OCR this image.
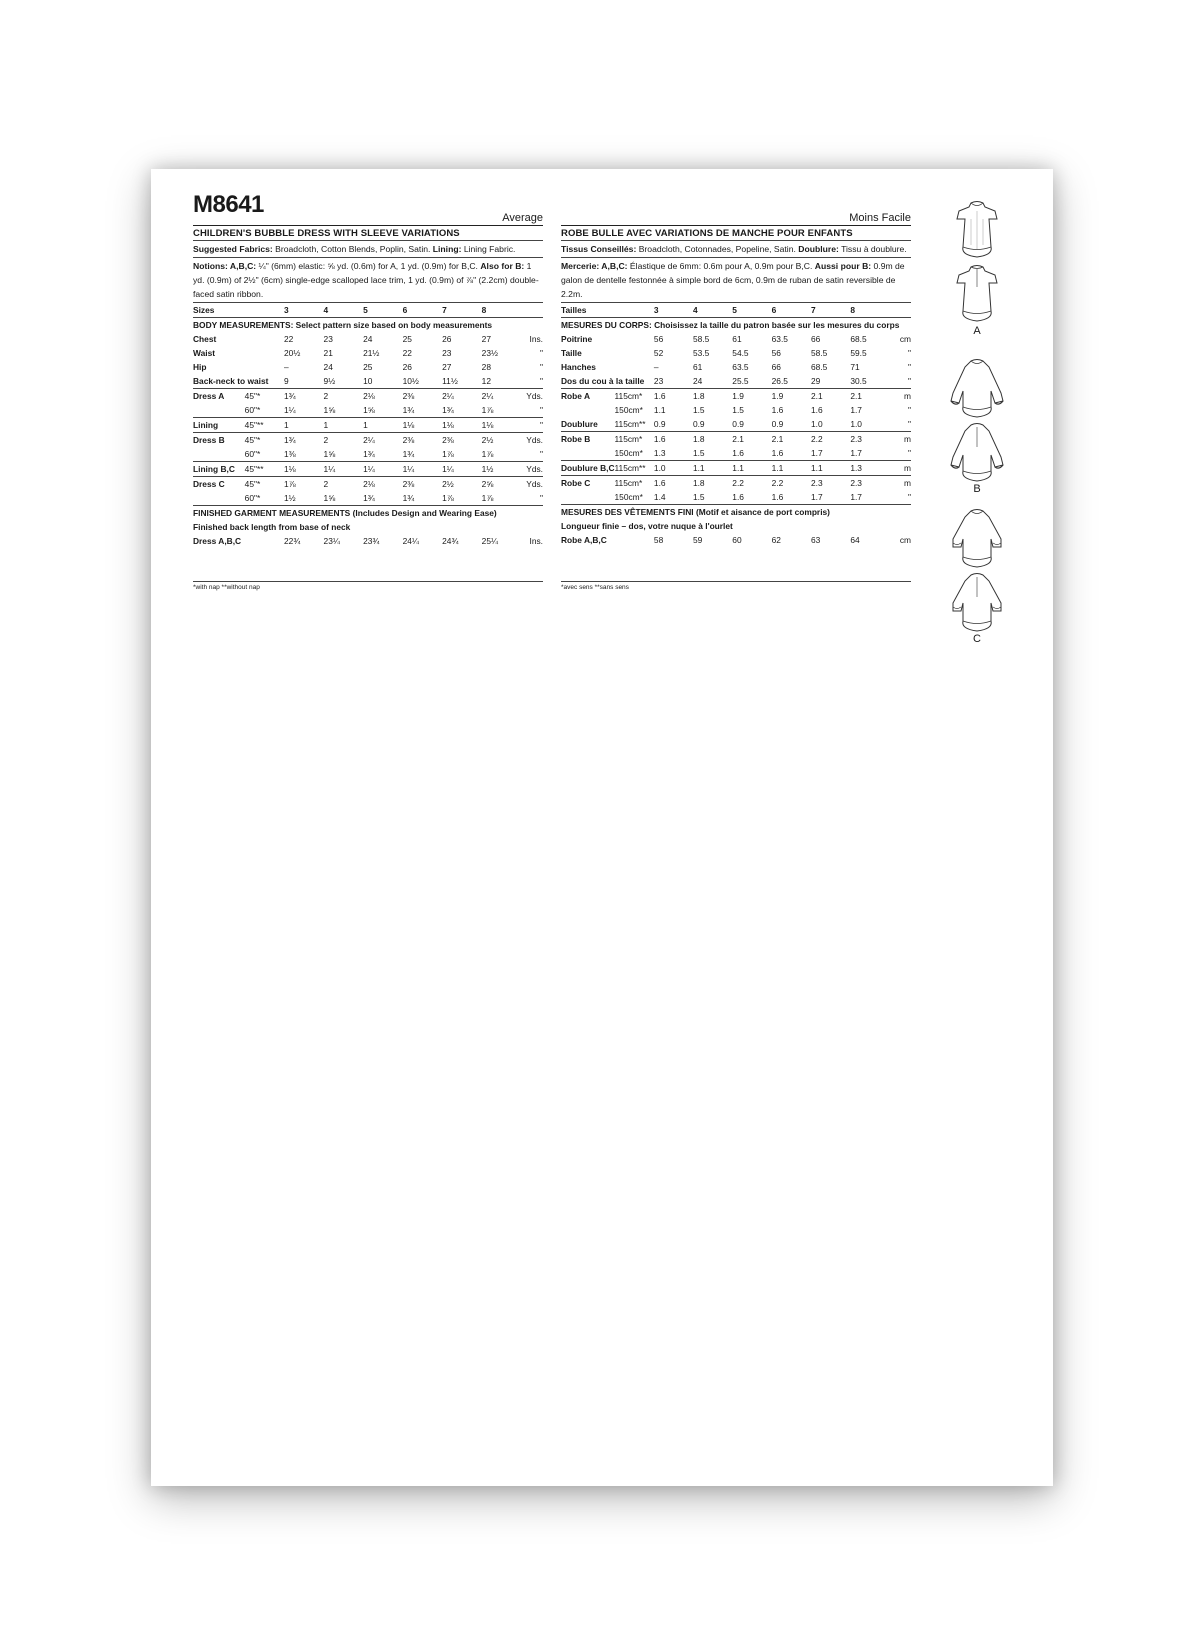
M8641	Average
CHILDREN'S BUBBLE DRESS WITH SLEEVE VARIATIONS
Suggested Fabrics: Broadcloth, Cotton Blends, Poplin, Satin. Lining: Lining Fabric.
Notions: A,B,C: ¼" (6mm) elastic: ⅝ yd. (0.6m) for A, 1 yd. (0.9m) for B,C. Also for B: 1 yd. (0.9m) of 2½" (6cm) single-edge scalloped lace trim, 1 yd. (0.9m) of ⅞" (2.2cm) double-faced satin ribbon.
Sizes		3	4	5	6	7	8	
BODY MEASUREMENTS: Select pattern size based on body measurements								
Chest		22	23	24	25	26	27	Ins.
Waist		20½	21	21½	22	23	23½	"
Hip		–	24	25	26	27	28	"
Back-neck to waist		9	9½	10	10½	11½	12	"
Dress A	45"*	1¾	2	2⅛	2⅜	2¼	2¼	Yds.
	60"*	1¼	1⅝	1⅝	1¾	1¾	1⅞	"
Lining	45"**	1	1	1	1⅛	1⅛	1⅛	"
Dress B	45"*	1¾	2	2¼	2⅜	2⅜	2½	Yds.
	60"*	1⅜	1⅝	1¾	1¾	1⅞	1⅞	"
Lining B,C	45"**	1⅛	1¼	1¼	1¼	1¼	1½	Yds.
Dress C	45"*	1⅞	2	2⅛	2⅜	2½	2⅝	Yds.
	60"*	1½	1⅝	1¾	1¾	1⅞	1⅞	"
FINISHED GARMENT MEASUREMENTS (Includes Design and Wearing Ease)								
Finished back length from base of neck								
Dress A,B,C		22¾	23¼	23¾	24¼	24¾	25¼	Ins.
Moins Facile
ROBE BULLE AVEC VARIATIONS DE MANCHE POUR ENFANTS
Tissus Conseillés: Broadcloth, Cotonnades, Popeline, Satin. Doublure: Tissu à doublure.
Mercerie: A,B,C: Élastique de 6mm: 0.6m pour A, 0.9m pour B,C. Aussi pour B: 0.9m de galon de dentelle festonnée à simple bord de 6cm, 0.9m de ruban de satin reversible de 2.2m.
Tailles		3	4	5	6	7	8	
MESURES DU CORPS: Choisissez la taille du patron basée sur les mesures du corps								
Poitrine		56	58.5	61	63.5	66	68.5	cm
Taille		52	53.5	54.5	56	58.5	59.5	"
Hanches		–	61	63.5	66	68.5	71	"
Dos du cou à la taille		23	24	25.5	26.5	29	30.5	"
Robe A	115cm*	1.6	1.8	1.9	1.9	2.1	2.1	m
	150cm*	1.1	1.5	1.5	1.6	1.6	1.7	"
Doublure	115cm**	0.9	0.9	0.9	0.9	1.0	1.0	"
Robe B	115cm*	1.6	1.8	2.1	2.1	2.2	2.3	m
	150cm*	1.3	1.5	1.6	1.6	1.7	1.7	"
Doublure B,C	115cm**	1.0	1.1	1.1	1.1	1.1	1.3	m
Robe C	115cm*	1.6	1.8	2.2	2.2	2.3	2.3	m
	150cm*	1.4	1.5	1.6	1.6	1.7	1.7	"
MESURES DES VÊTEMENTS FINI (Motif et aisance de port compris)								
Longueur finie – dos, votre nuque à l'ourlet								
Robe A,B,C		58	59	60	62	63	64	cm
*with nap **without nap	*avec sens **sans sens
A
B
C
